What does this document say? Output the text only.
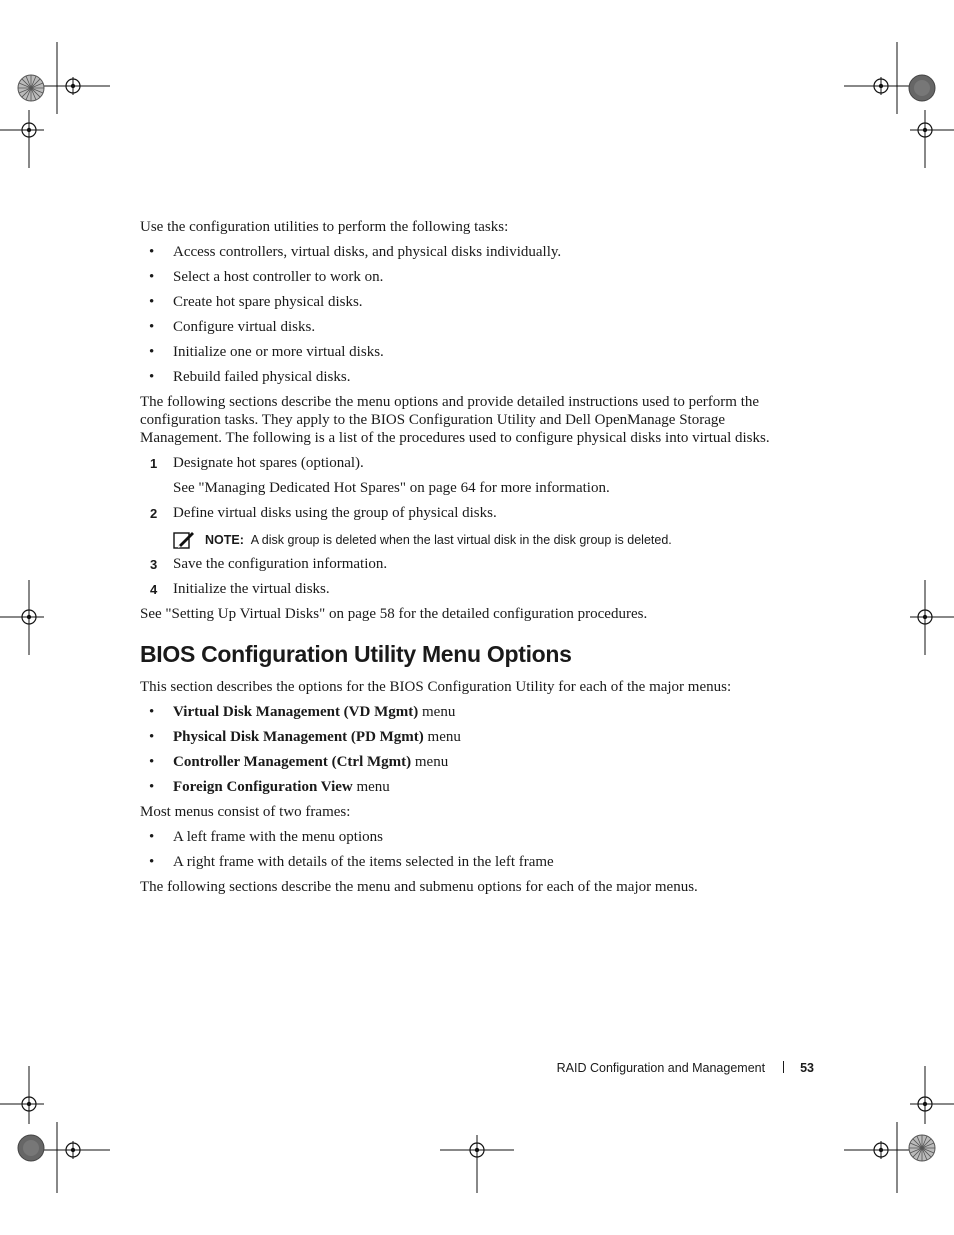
Use the configuration utilities to perform the following tasks:

• Access controllers, virtual disks, and physical disks individually.
• Select a host controller to work on.
• Create hot spare physical disks.
• Configure virtual disks.
• Initialize one or more virtual disks.
• Rebuild failed physical disks.

The following sections describe the menu options and provide detailed instructions used to perform the configuration tasks. They apply to the BIOS Configuration Utility and Dell OpenManage Storage Management. The following is a list of the procedures used to configure physical disks into virtual disks.

1 Designate hot spares (optional).
See "Managing Dedicated Hot Spares" on page 64 for more information.
2 Define virtual disks using the group of physical disks.
NOTE: A disk group is deleted when the last virtual disk in the disk group is deleted.
3 Save the configuration information.
4 Initialize the virtual disks.

See "Setting Up Virtual Disks" on page 58 for the detailed configuration procedures.

BIOS Configuration Utility Menu Options

This section describes the options for the BIOS Configuration Utility for each of the major menus:

• Virtual Disk Management (VD Mgmt) menu
• Physical Disk Management (PD Mgmt) menu
• Controller Management (Ctrl Mgmt) menu
• Foreign Configuration View menu

Most menus consist of two frames:

• A left frame with the menu options
• A right frame with details of the items selected in the left frame

The following sections describe the menu and submenu options for each of the major menus.

RAID Configuration and Management	53
